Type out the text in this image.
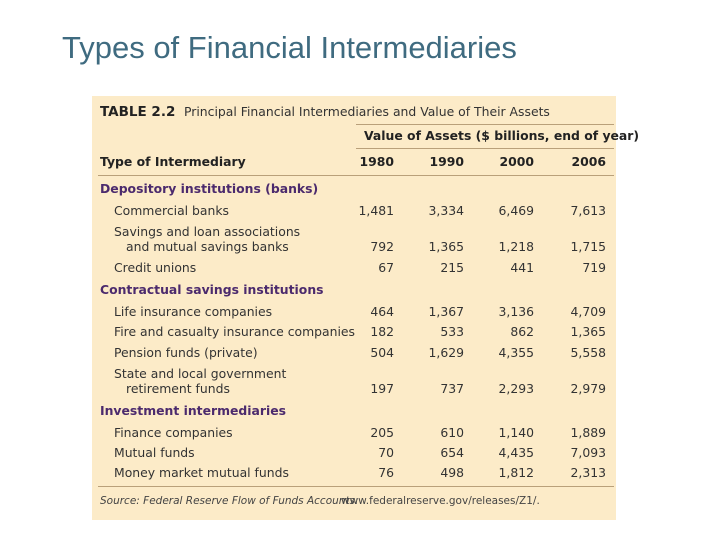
Types of Financial Intermediaries
TABLE 2.2 Principal Financial Intermediaries and Value of Their Assets
Value of Assets ($ billions, end of year)
Type of Intermediary	1980	1990	2000	2006
Depository institutions (banks)
Commercial banks	1,481	3,334	6,469	7,613
Savings and loan associations
and mutual savings banks	792	1,365	1,218	1,715
Credit unions	67	215	441	719
Contractual savings institutions
Life insurance companies	464	1,367	3,136	4,709
Fire and casualty insurance companies	182	533	862	1,365
Pension funds (private)	504	1,629	4,355	5,558
State and local government
retirement funds	197	737	2,293	2,979
Investment intermediaries
Finance companies	205	610	1,140	1,889
Mutual funds	70	654	4,435	7,093
Money market mutual funds	76	498	1,812	2,313
Source: Federal Reserve Flow of Funds Accounts:
www.federalreserve.gov/releases/Z1/.
